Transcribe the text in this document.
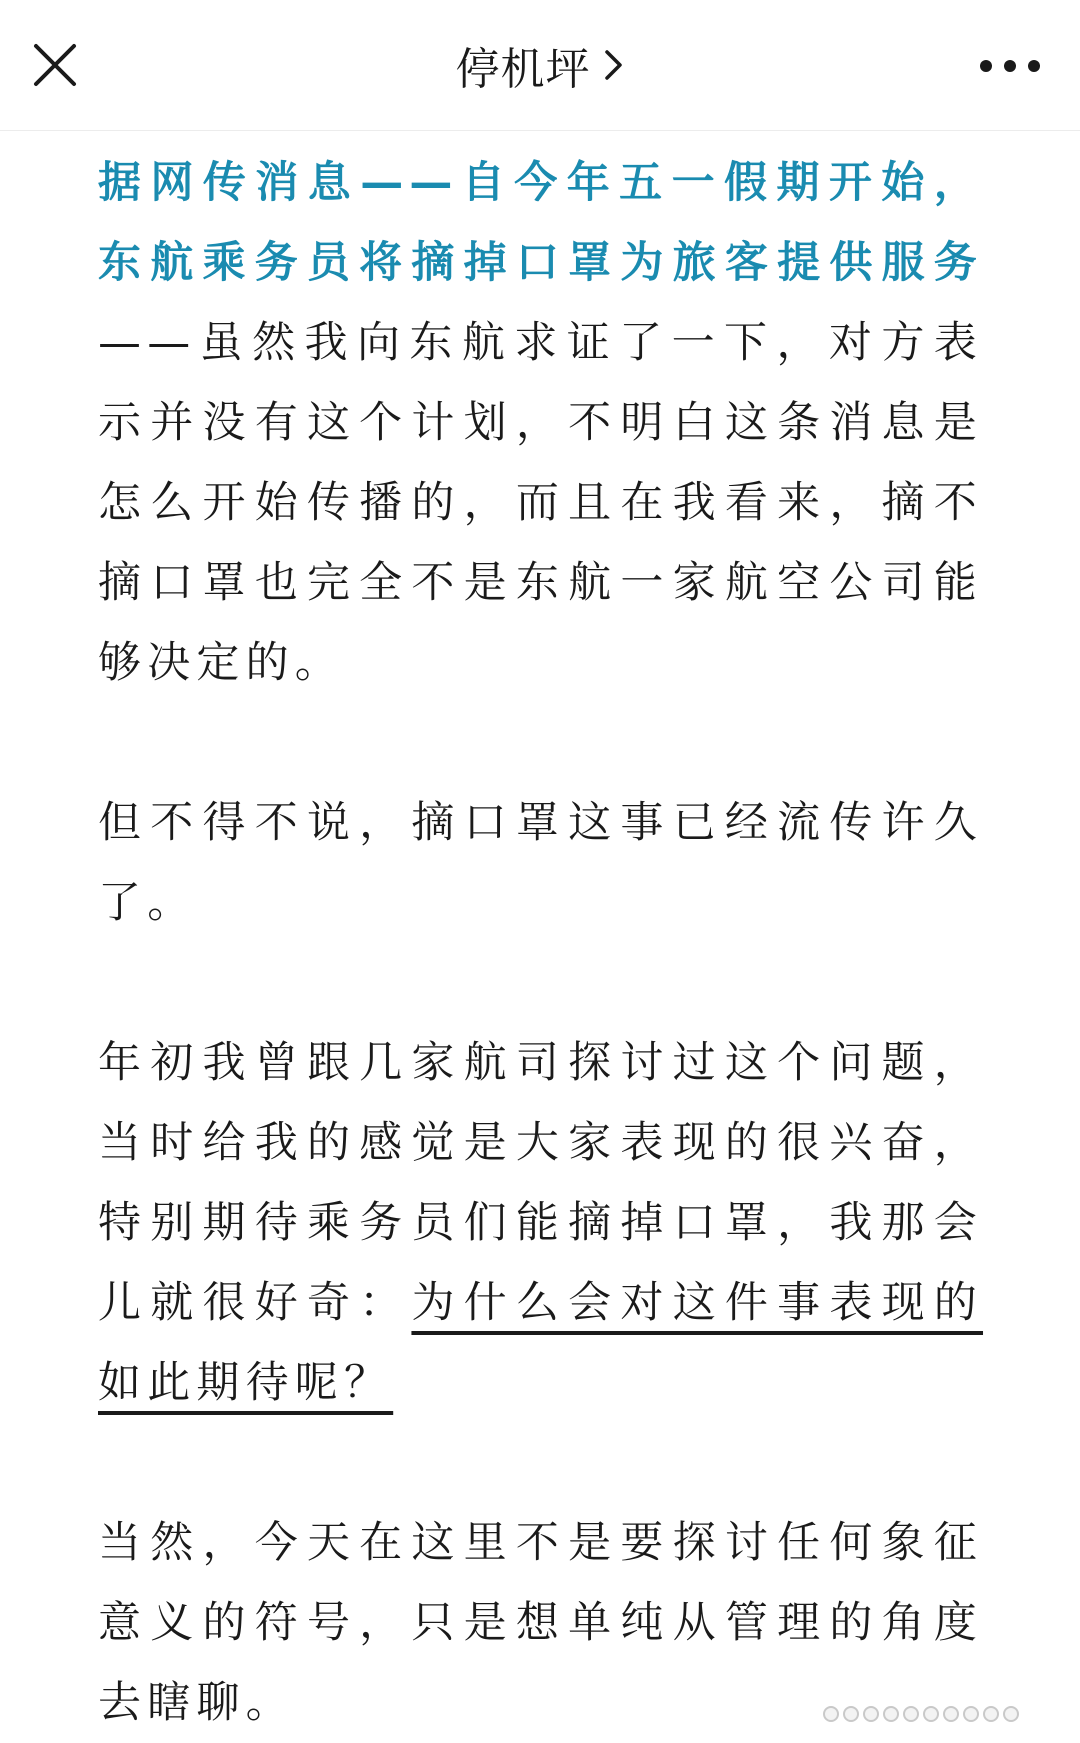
停机坪

据网传消息——自今年五一假期开始，东航乘务员将摘掉口罩为旅客提供服务——虽然我向东航求证了一下，对方表示并没有这个计划，不明白这条消息是怎么开始传播的，而且在我看来，摘不摘口罩也完全不是东航一家航空公司能够决定的。

但不得不说，摘口罩这事已经流传许久了。

年初我曾跟几家航司探讨过这个问题，当时给我的感觉是大家表现的很兴奋，特别期待乘务员们能摘掉口罩，我那会儿就很好奇：为什么会对这件事表现的如此期待呢？

当然，今天在这里不是要探讨任何象征意义的符号，只是想单纯从管理的角度去瞎聊。
